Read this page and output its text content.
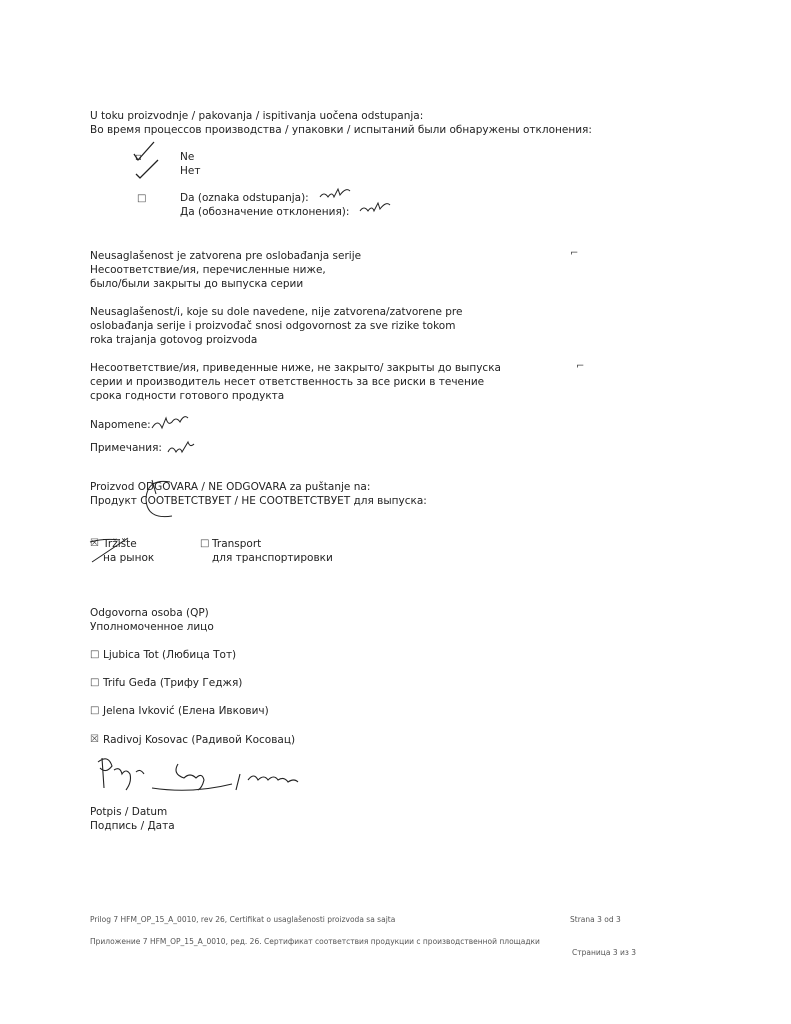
U toku proizvodnje / pakovanja / ispitivanja uočena odstupanja:
Во время процессов производства / упаковки / испытаний были обнаружены отклонения:
▫	Ne
Нет
□	Da (oznaka odstupanja):
Да (обозначение отклонения):
Neusaglašenost je zatvorena pre oslobađanja serije
Несоответствие/ия, перечисленные ниже,
было/были закрыты до выпуска серии
⌐
Neusaglašenost/i, koje su dole navedene, nije zatvorena/zatvorene pre
oslobađanja serije i proizvođač snosi odgovornost za sve rizike tokom
roka trajanja gotovog proizvoda
Несоответствие/ия, приведенные ниже, не закрыто/ закрыты до выпуска
серии и производитель несет ответственность за все риски в течение
срока годности готового продукта
⌐
Napomene:
Примечания:
Proizvod ODGOVARA / NE ODGOVARA za puštanje na:
Продукт СООТВЕТСТВУЕТ / НЕ СООТВЕТСТВУЕТ для выпуска:
☒ Tržište
на рынок
□ Transport
для транспортировки
Odgovorna osoba (QP)
Уполномоченное лицо
□ Ljubica Tot (Любица Тот)
□ Trifu Geđa (Трифу Геджя)
□ Jelena Ivković (Елена Ивкович)
☒ Radivoj Kosovac (Радивой Косовац)
Potpis / Datum
Подпись / Дата
Prilog 7 HFM_OP_15_A_0010, rev 26, Certifikat o usaglašenosti proizvoda sa sajta	Strana 3 od 3
Приложение 7 HFM_OP_15_A_0010, ред. 26. Сертификат соответствия продукции с производственной площадки
Страница 3 из 3
